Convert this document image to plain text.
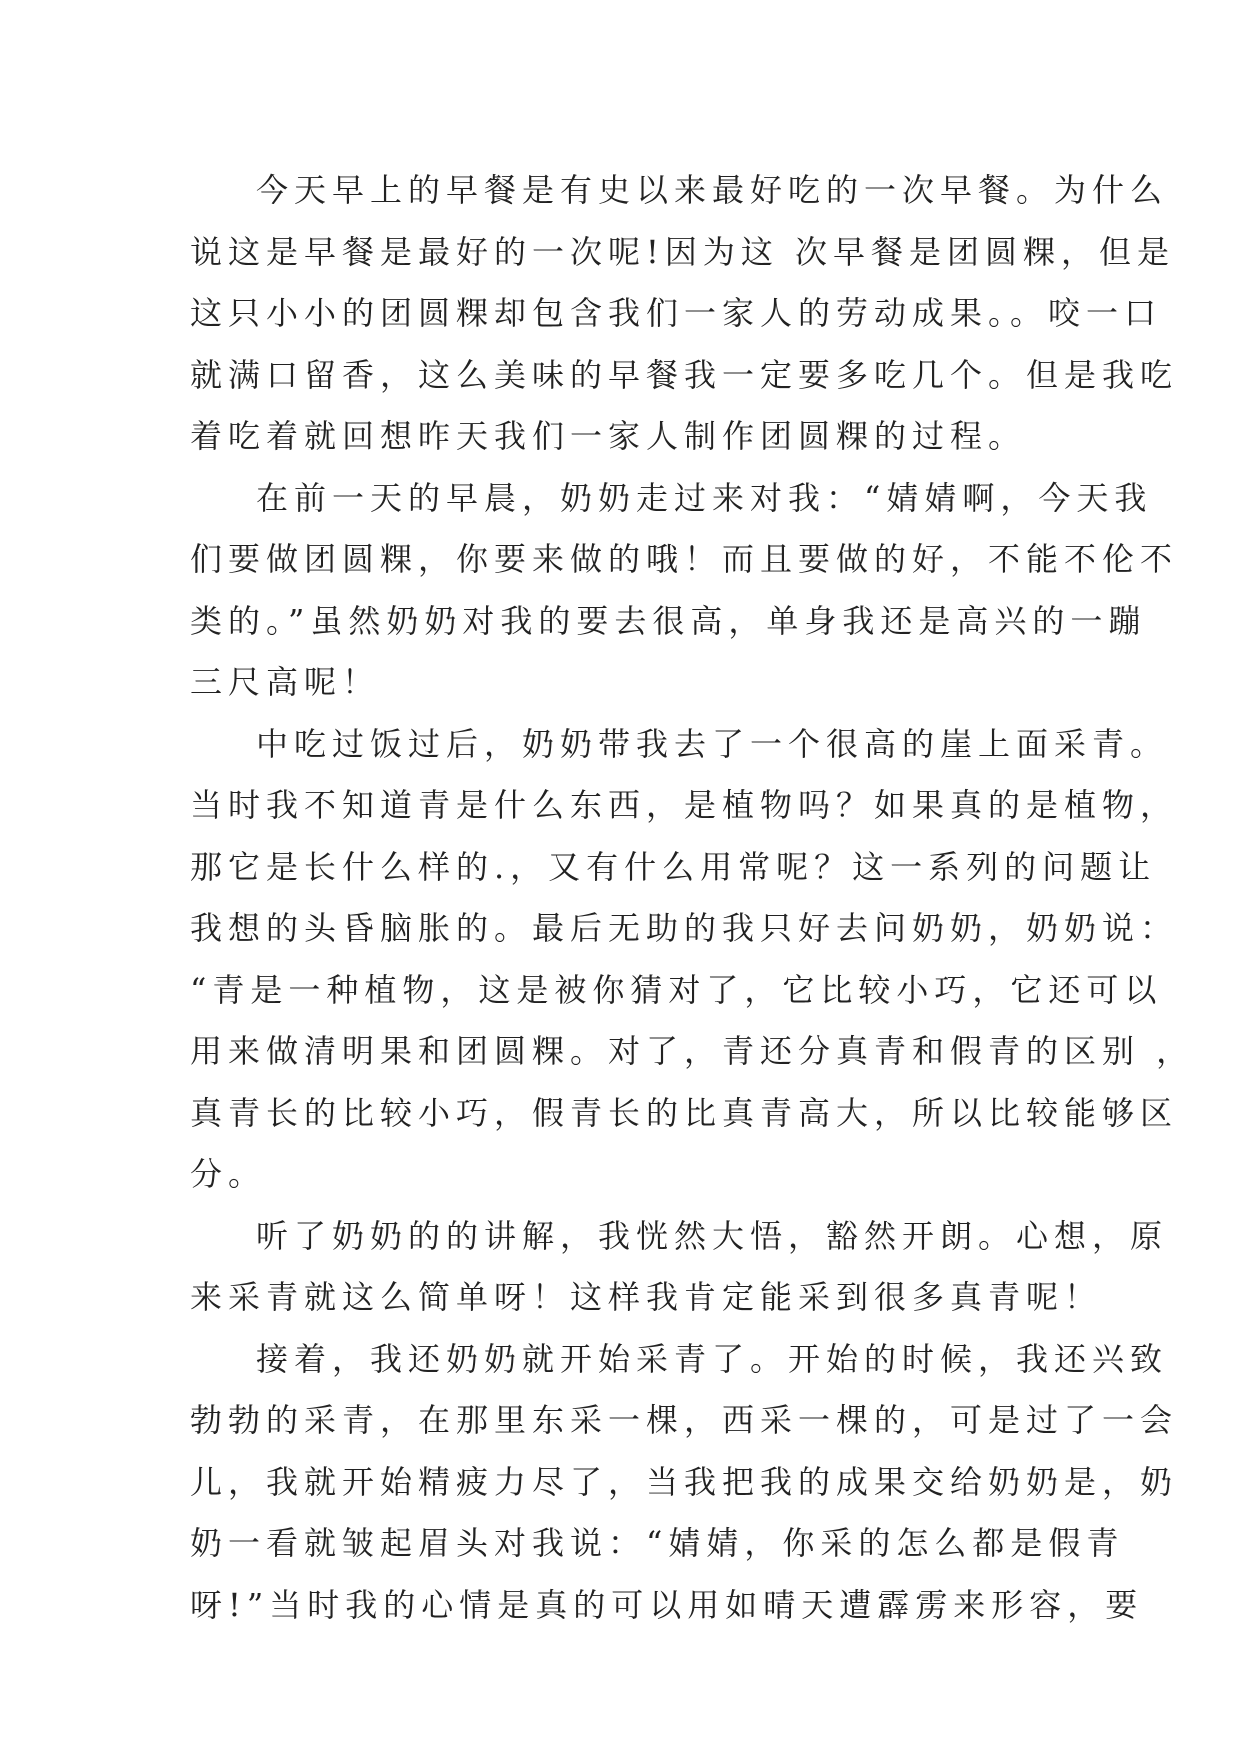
今天早上的早餐是有史以来最好吃的一次早餐。为什么
说这是早餐是最好的一次呢!因为这 次早餐是团圆粿，但是
这只小小的团圆粿却包含我们一家人的劳动成果。。咬一口
就满口留香，这么美味的早餐我一定要多吃几个。但是我吃
着吃着就回想昨天我们一家人制作团圆粿的过程。
在前一天的早晨，奶奶走过来对我：“婧婧啊，今天我
们要做团圆粿，你要来做的哦！而且要做的好，不能不伦不
类的。”虽然奶奶对我的要去很高，单身我还是高兴的一蹦
三尺高呢！
中吃过饭过后，奶奶带我去了一个很高的崖上面采青。
当时我不知道青是什么东西，是植物吗？如果真的是植物，
那它是长什么样的.，又有什么用常呢？这一系列的问题让
我想的头昏脑胀的。最后无助的我只好去问奶奶，奶奶说：
“青是一种植物，这是被你猜对了，它比较小巧，它还可以
用来做清明果和团圆粿。对了，青还分真青和假青的区别 ，
真青长的比较小巧，假青长的比真青高大，所以比较能够区
分。
听了奶奶的的讲解，我恍然大悟，豁然开朗。心想，原
来采青就这么简单呀！这样我肯定能采到很多真青呢！
接着，我还奶奶就开始采青了。开始的时候，我还兴致
勃勃的采青，在那里东采一棵，西采一棵的，可是过了一会
儿，我就开始精疲力尽了，当我把我的成果交给奶奶是，奶
奶一看就皱起眉头对我说：“婧婧，你采的怎么都是假青
呀!”当时我的心情是真的可以用如晴天遭霹雳来形容，要
